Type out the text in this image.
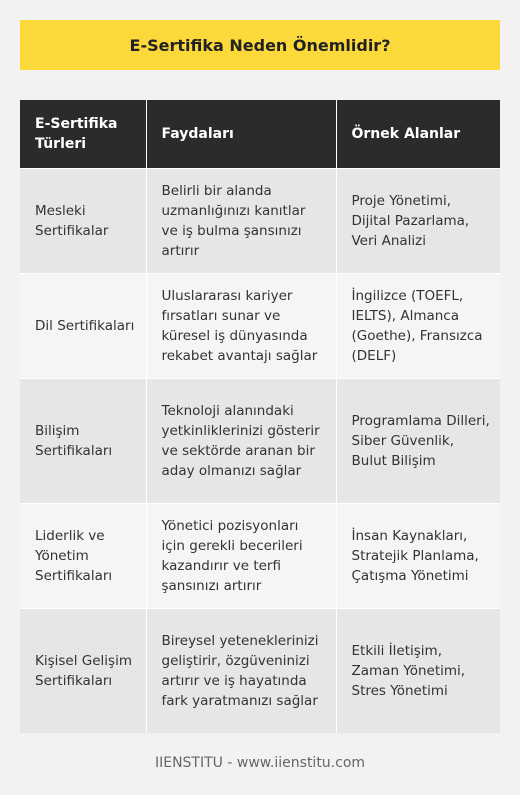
E-Sertifika Neden Önemlidir?
E-Sertifika Türleri	Faydaları	Örnek Alanlar
Mesleki Sertifikalar	Belirli bir alanda uzmanlığınızı kanıtlar ve iş bulma şansınızı artırır	Proje Yönetimi, Dijital Pazarlama, Veri Analizi
Dil Sertifikaları	Uluslararası kariyer fırsatları sunar ve küresel iş dünyasında rekabet avantajı sağlar	İngilizce (TOEFL, IELTS), Almanca (Goethe), Fransızca (DELF)
Bilişim Sertifikaları	Teknoloji alanındaki yetkinliklerinizi gösterir ve sektörde aranan bir aday olmanızı sağlar	Programlama Dilleri, Siber Güvenlik, Bulut Bilişim
Liderlik ve Yönetim Sertifikaları	Yönetici pozisyonları için gerekli becerileri kazandırır ve terfi şansınızı artırır	İnsan Kaynakları, Stratejik Planlama, Çatışma Yönetimi
Kişisel Gelişim Sertifikaları	Bireysel yeteneklerinizi geliştirir, özgüveninizi artırır ve iş hayatında fark yaratmanızı sağlar	Etkili İletişim, Zaman Yönetimi, Stres Yönetimi
IIENSTITU - www.iienstitu.com
